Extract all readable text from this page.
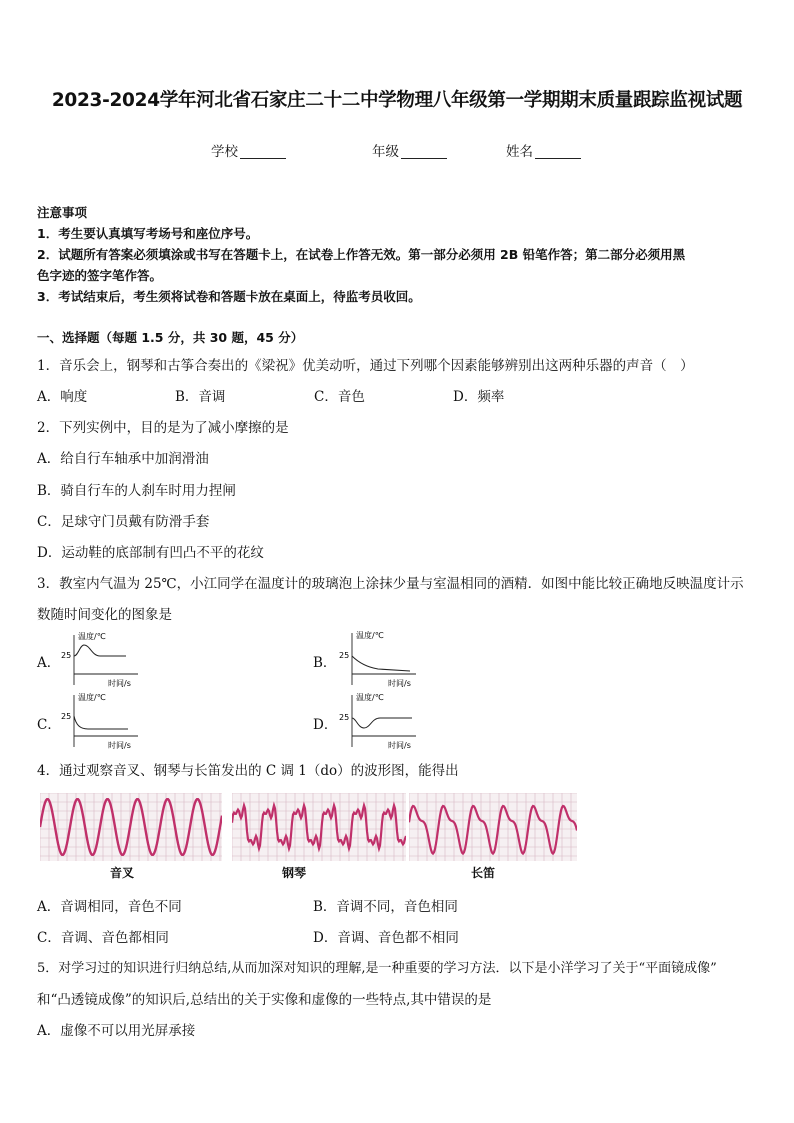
2023-2024学年河北省石家庄二十二中学物理八年级第一学期期末质量跟踪监视试题
学校	年级	姓名
注意事项
1．考生要认真填写考场号和座位序号。
2．试题所有答案必须填涂或书写在答题卡上，在试卷上作答无效。第一部分必须用 2B 铅笔作答；第二部分必须用黑
色字迹的签字笔作答。
3．考试结束后，考生须将试卷和答题卡放在桌面上，待监考员收回。
一、选择题（每题 1.5 分，共 30 题，45 分）
1．音乐会上，钢琴和古筝合奏出的《梁祝》优美动听，通过下列哪个因素能够辨别出这两种乐器的声音（　）
A．响度	B．音调	C．音色	D．频率
2．下列实例中，目的是为了减小摩擦的是
A．给自行车轴承中加润滑油
B．骑自行车的人刹车时用力捏闸
C．足球守门员戴有防滑手套
D．运动鞋的底部制有凹凸不平的花纹
3．教室内气温为 25℃，小江同学在温度计的玻璃泡上涂抹少量与室温相同的酒精．如图中能比较正确地反映温度计示
数随时间变化的图象是
A．
温度/℃
25
时间/s
B．
温度/℃
25
时间/s
C．
温度/℃
25
时间/s
D．
温度/℃
25
时间/s
4．通过观察音叉、钢琴与长笛发出的 C 调 1（do）的波形图，能得出
音叉	钢琴	长笛
A．音调相同，音色不同	B．音调不同，音色相同
C．音调、音色都相同	D．音调、音色都不相同
5．对学习过的知识进行归纳总结,从而加深对知识的理解,是一种重要的学习方法．以下是小洋学习了关于“平面镜成像”
和“凸透镜成像”的知识后,总结出的关于实像和虚像的一些特点,其中错误的是
A．虚像不可以用光屏承接
